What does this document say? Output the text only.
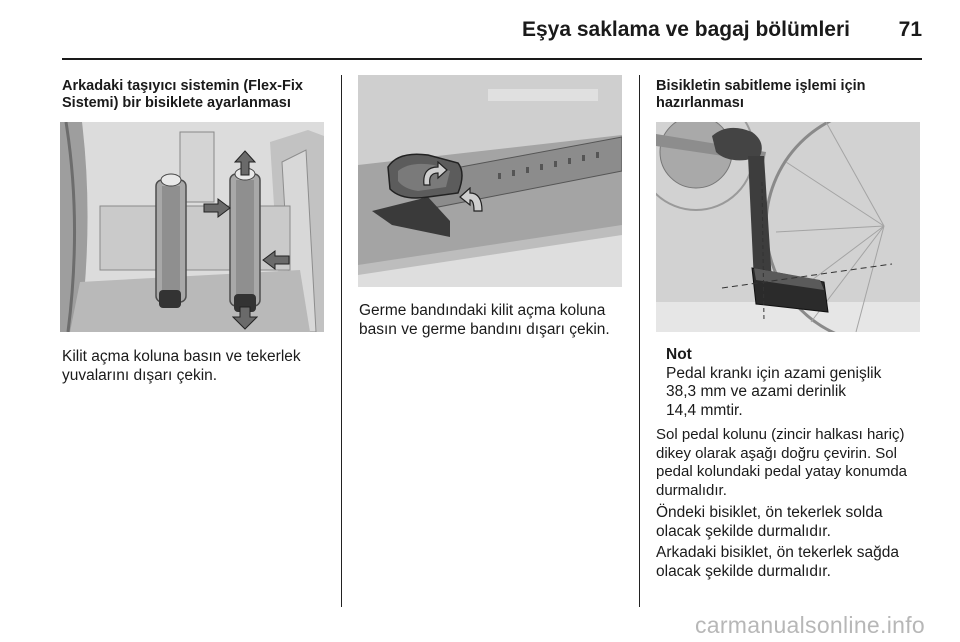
Eşya saklama ve bagaj bölümleri	71
Arkadaki taşıyıcı sistemin (Flex-Fix
Sistemi) bir bisiklete ayarlanması
Kilit açma koluna basın ve tekerlek
yuvalarını dışarı çekin.
Germe bandındaki kilit açma koluna
basın ve germe bandını dışarı çekin.
Bisikletin sabitleme işlemi için
hazırlanması
Not
Pedal krankı için azami genişlik
38,3 mm ve azami derinlik
14,4 mmtir.
Sol pedal kolunu (zincir halkası hariç)
dikey olarak aşağı doğru çevirin. Sol
pedal kolundaki pedal yatay konumda
durmalıdır.
Öndeki bisiklet, ön tekerlek solda
olacak şekilde durmalıdır.
Arkadaki bisiklet, ön tekerlek sağda
olacak şekilde durmalıdır.
carmanualsonline.info
